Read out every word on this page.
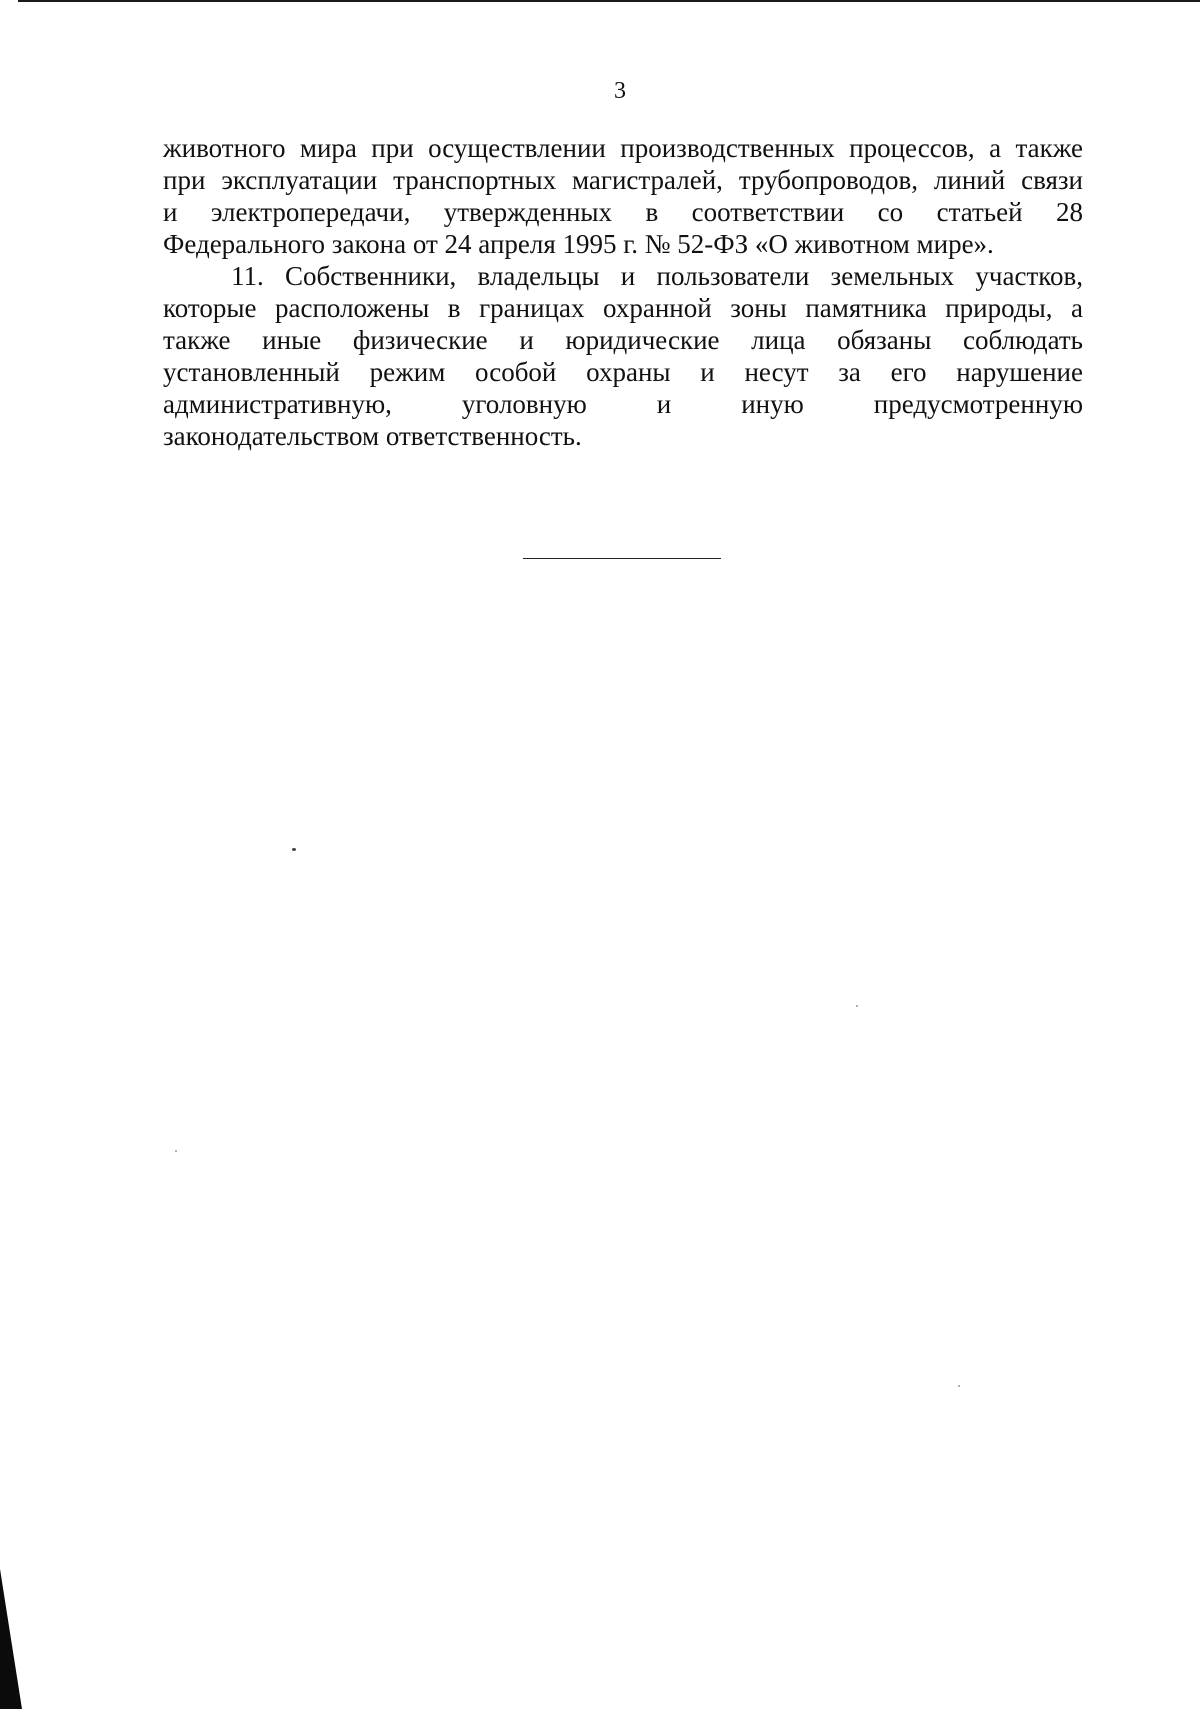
3
животного мира при осуществлении производственных процессов, а также
при эксплуатации транспортных магистралей, трубопроводов, линий связи
и электропередачи, утвержденных в соответствии со статьей 28
Федерального закона от 24 апреля 1995 г. № 52-ФЗ «О животном мире».
11. Собственники, владельцы и пользователи земельных участков,
которые расположены в границах охранной зоны памятника природы, а
также иные физические и юридические лица обязаны соблюдать
установленный режим особой охраны и несут за его нарушение
административную, уголовную и иную предусмотренную
законодательством ответственность.
